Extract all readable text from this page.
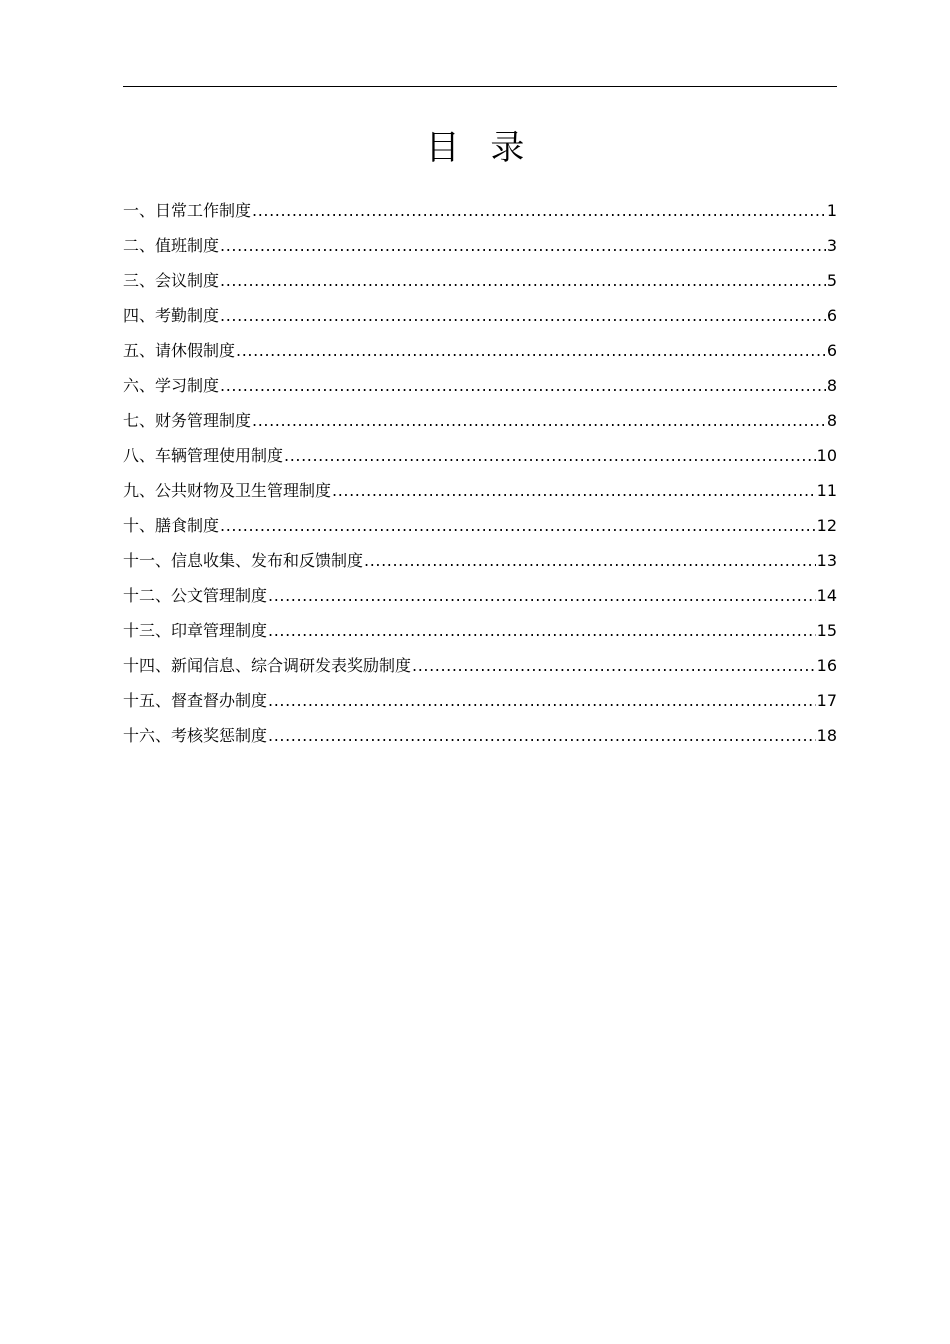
目 录
一、日常工作制度 .....	1
二、值班制度 .....	3
三、会议制度 .....	5
四、考勤制度 .....	6
五、请休假制度 .....	6
六、学习制度 .....	8
七、财务管理制度 .....	8
八、车辆管理使用制度 .....	10
九、公共财物及卫生管理制度 .....	11
十、膳食制度 .....	12
十一、信息收集、发布和反馈制度 .....	13
十二、公文管理制度 .....	14
十三、印章管理制度 .....	15
十四、新闻信息、综合调研发表奖励制度 .....	16
十五、督查督办制度 .....	17
十六、考核奖惩制度 .....	18
